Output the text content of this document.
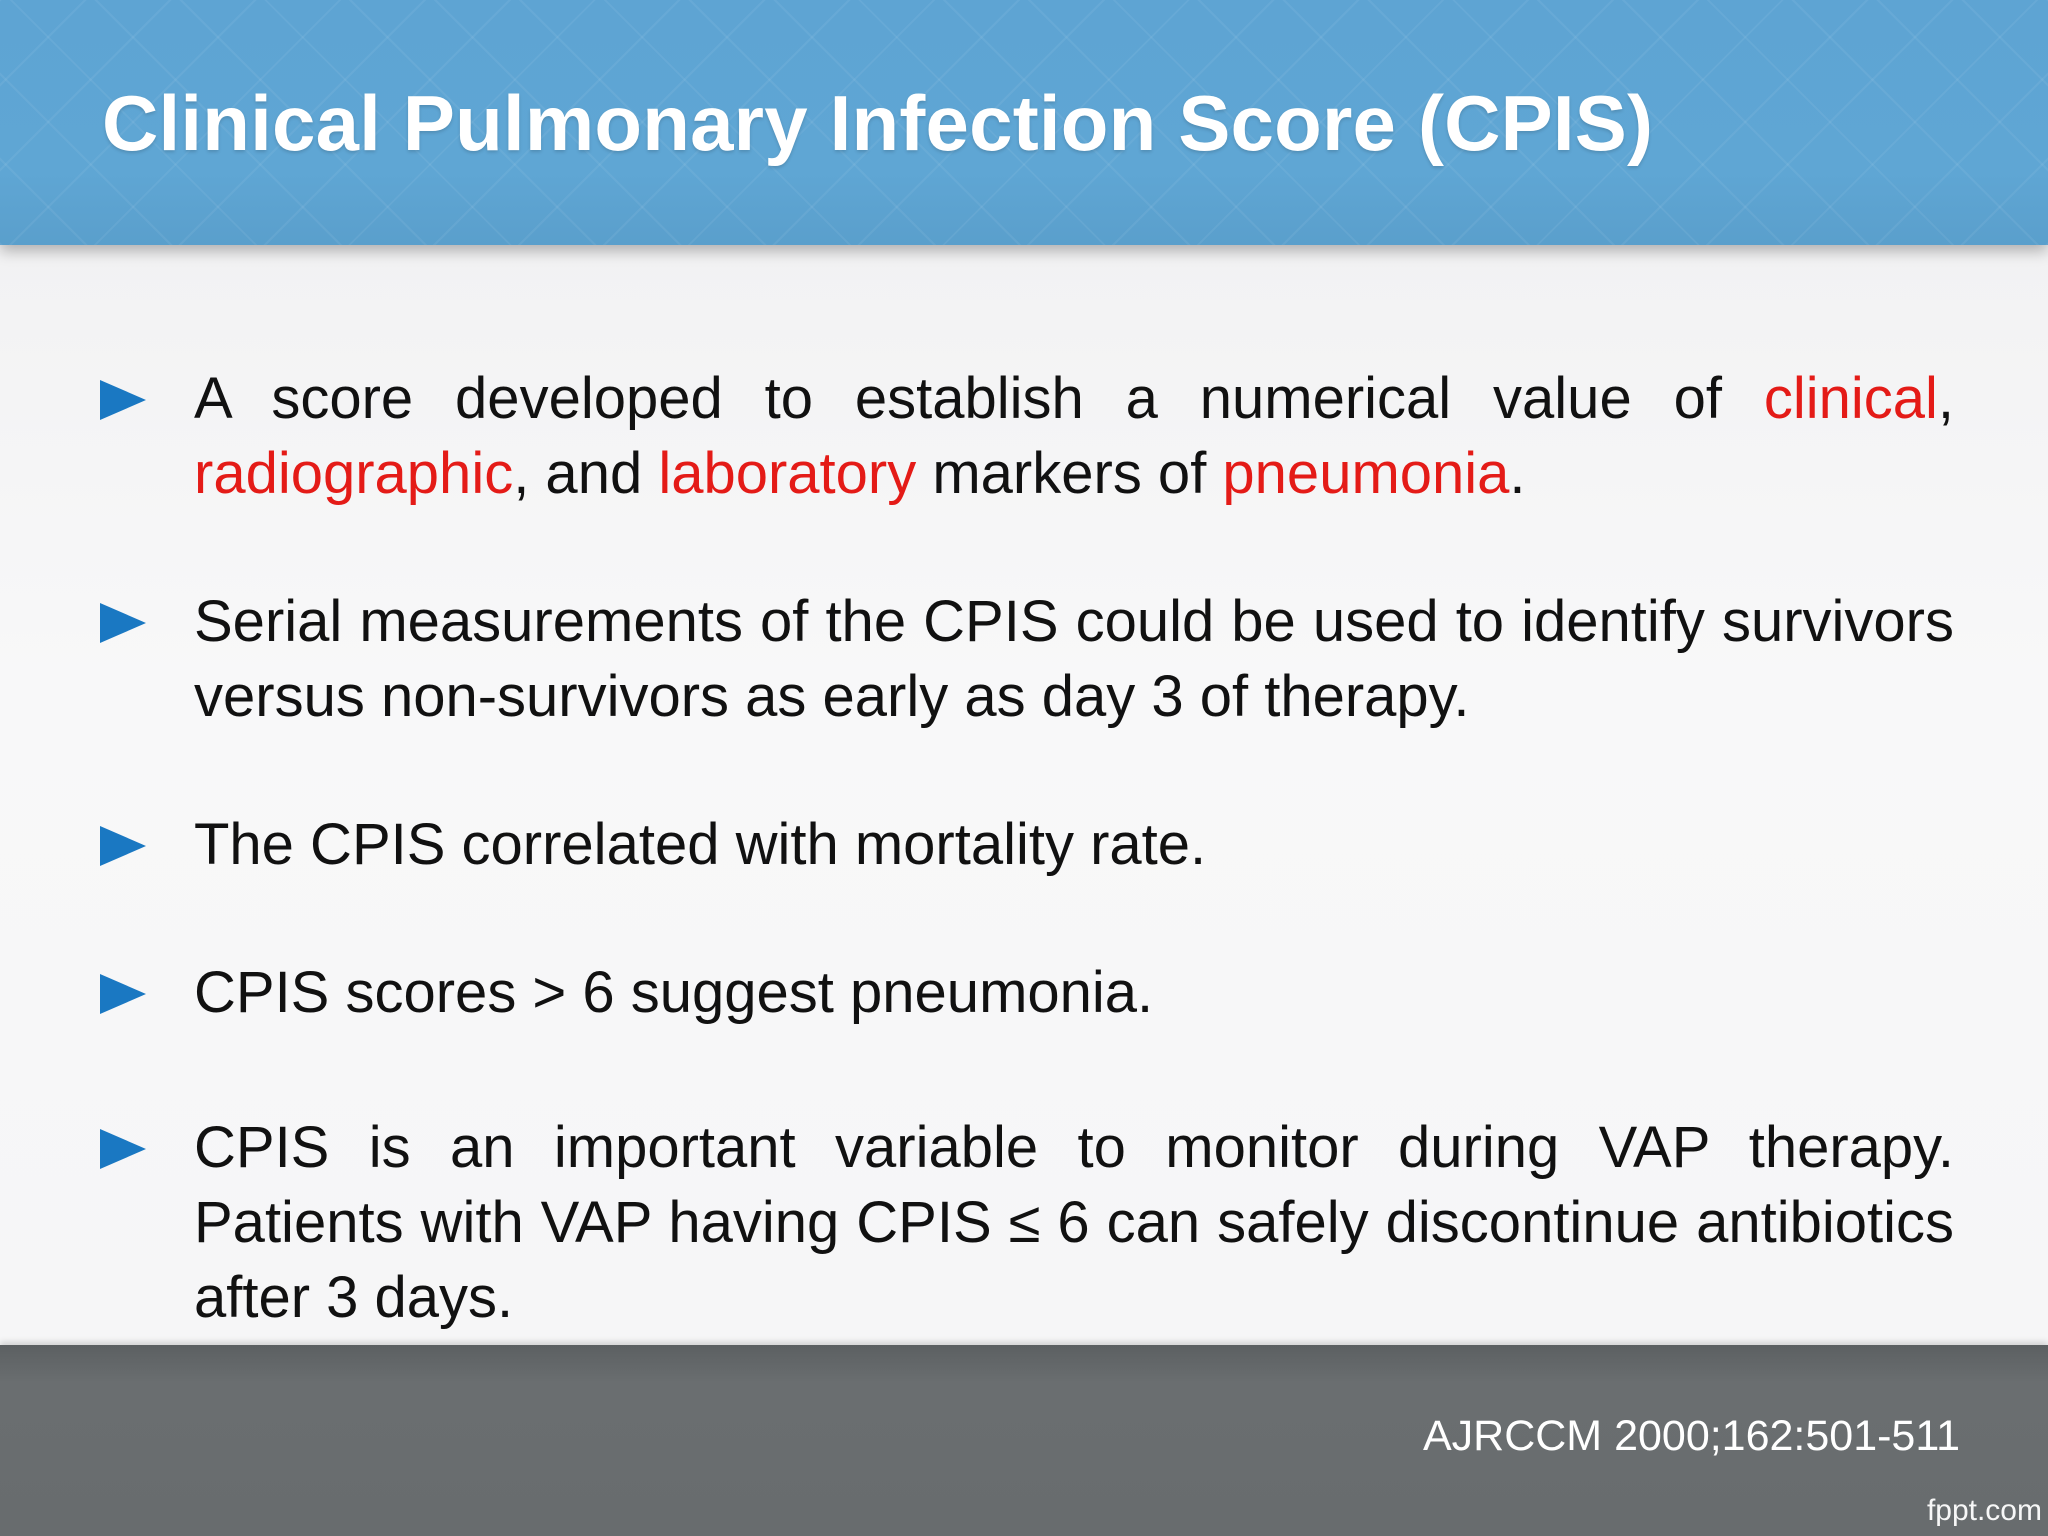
Clinical Pulmonary Infection Score (CPIS)
A score developed to establish a numerical value of clinical, radiographic, and laboratory markers of pneumonia.
Serial measurements of the CPIS could be used to identify survivors versus non-survivors as early as day 3 of therapy.
The CPIS correlated with mortality rate.
CPIS scores > 6 suggest pneumonia.
CPIS is an important variable to monitor during VAP therapy. Patients with VAP having CPIS ≤ 6 can safely discontinue antibiotics after 3 days.
AJRCCM 2000;162:501-511
fppt.com
